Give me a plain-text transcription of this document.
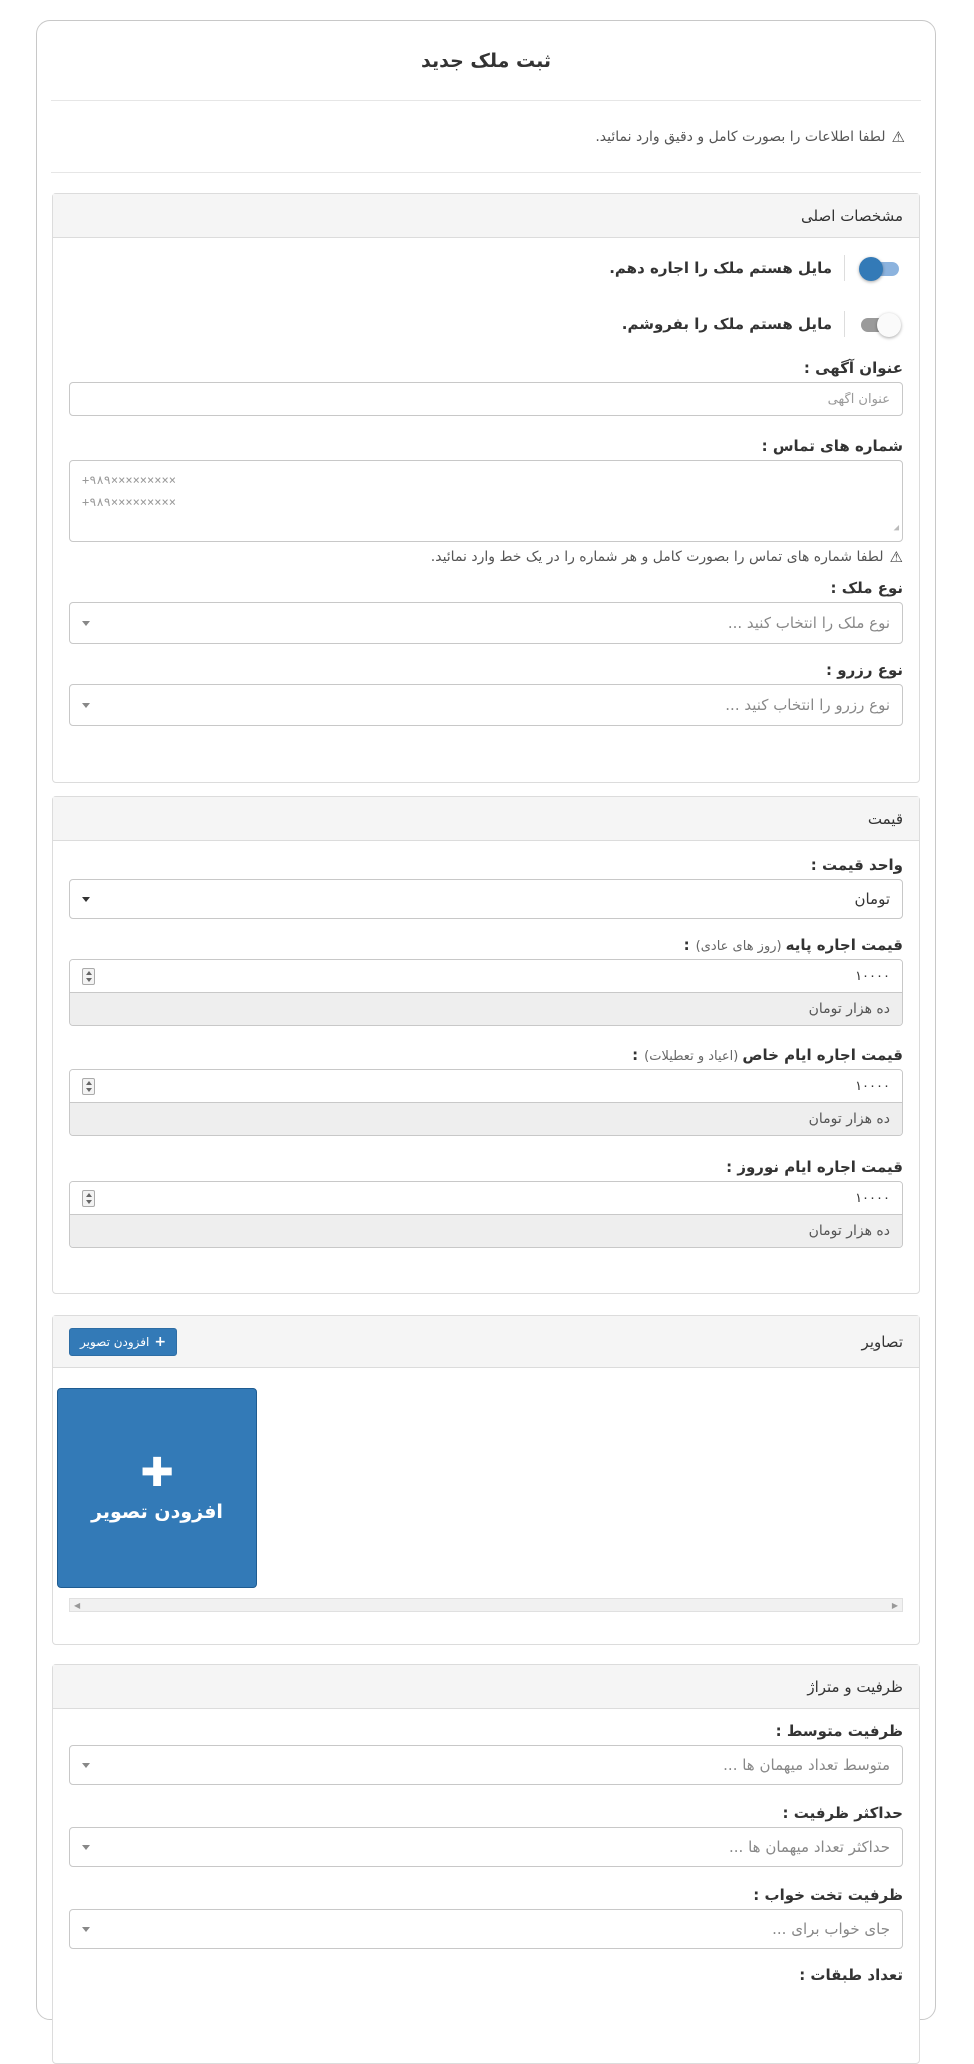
ثبت ملک جدید
⚠
لطفا اطلاعات را بصورت کامل و دقیق وارد نمائید.
مشخصات اصلی
مایل هستم ملک را اجاره دهم.
مایل هستم ملک را بفروشم.
عنوان آگهی :
عنوان آگهی
شماره های تماس :
+۹۸۹×××××××××
+۹۸۹×××××××××
◢
⚠
لطفا شماره های تماس را بصورت کامل و هر شماره را در یک خط وارد نمائید.
نوع ملک :
نوع ملک را انتخاب کنید ...
نوع رزرو :
نوع رزرو را انتخاب کنید ...
قیمت
واحد قیمت :
تومان
قیمت اجاره پایه
(روز های عادی)
:
۱۰۰۰۰
ده هزار تومان
قیمت اجاره ایام خاص
(اعیاد و تعطیلات)
:
۱۰۰۰۰
ده هزار تومان
قیمت اجاره ایام نوروز :
۱۰۰۰۰
ده هزار تومان
تصاویر
+
افزودن تصویر
✚
افزودن تصویر
◀	▶
ظرفیت و متراژ
ظرفیت متوسط :
متوسط تعداد میهمان ها ...
حداکثر ظرفیت :
حداکثر تعداد میهمان ها ...
ظرفیت تخت خواب :
جای خواب برای ...
تعداد طبقات :
